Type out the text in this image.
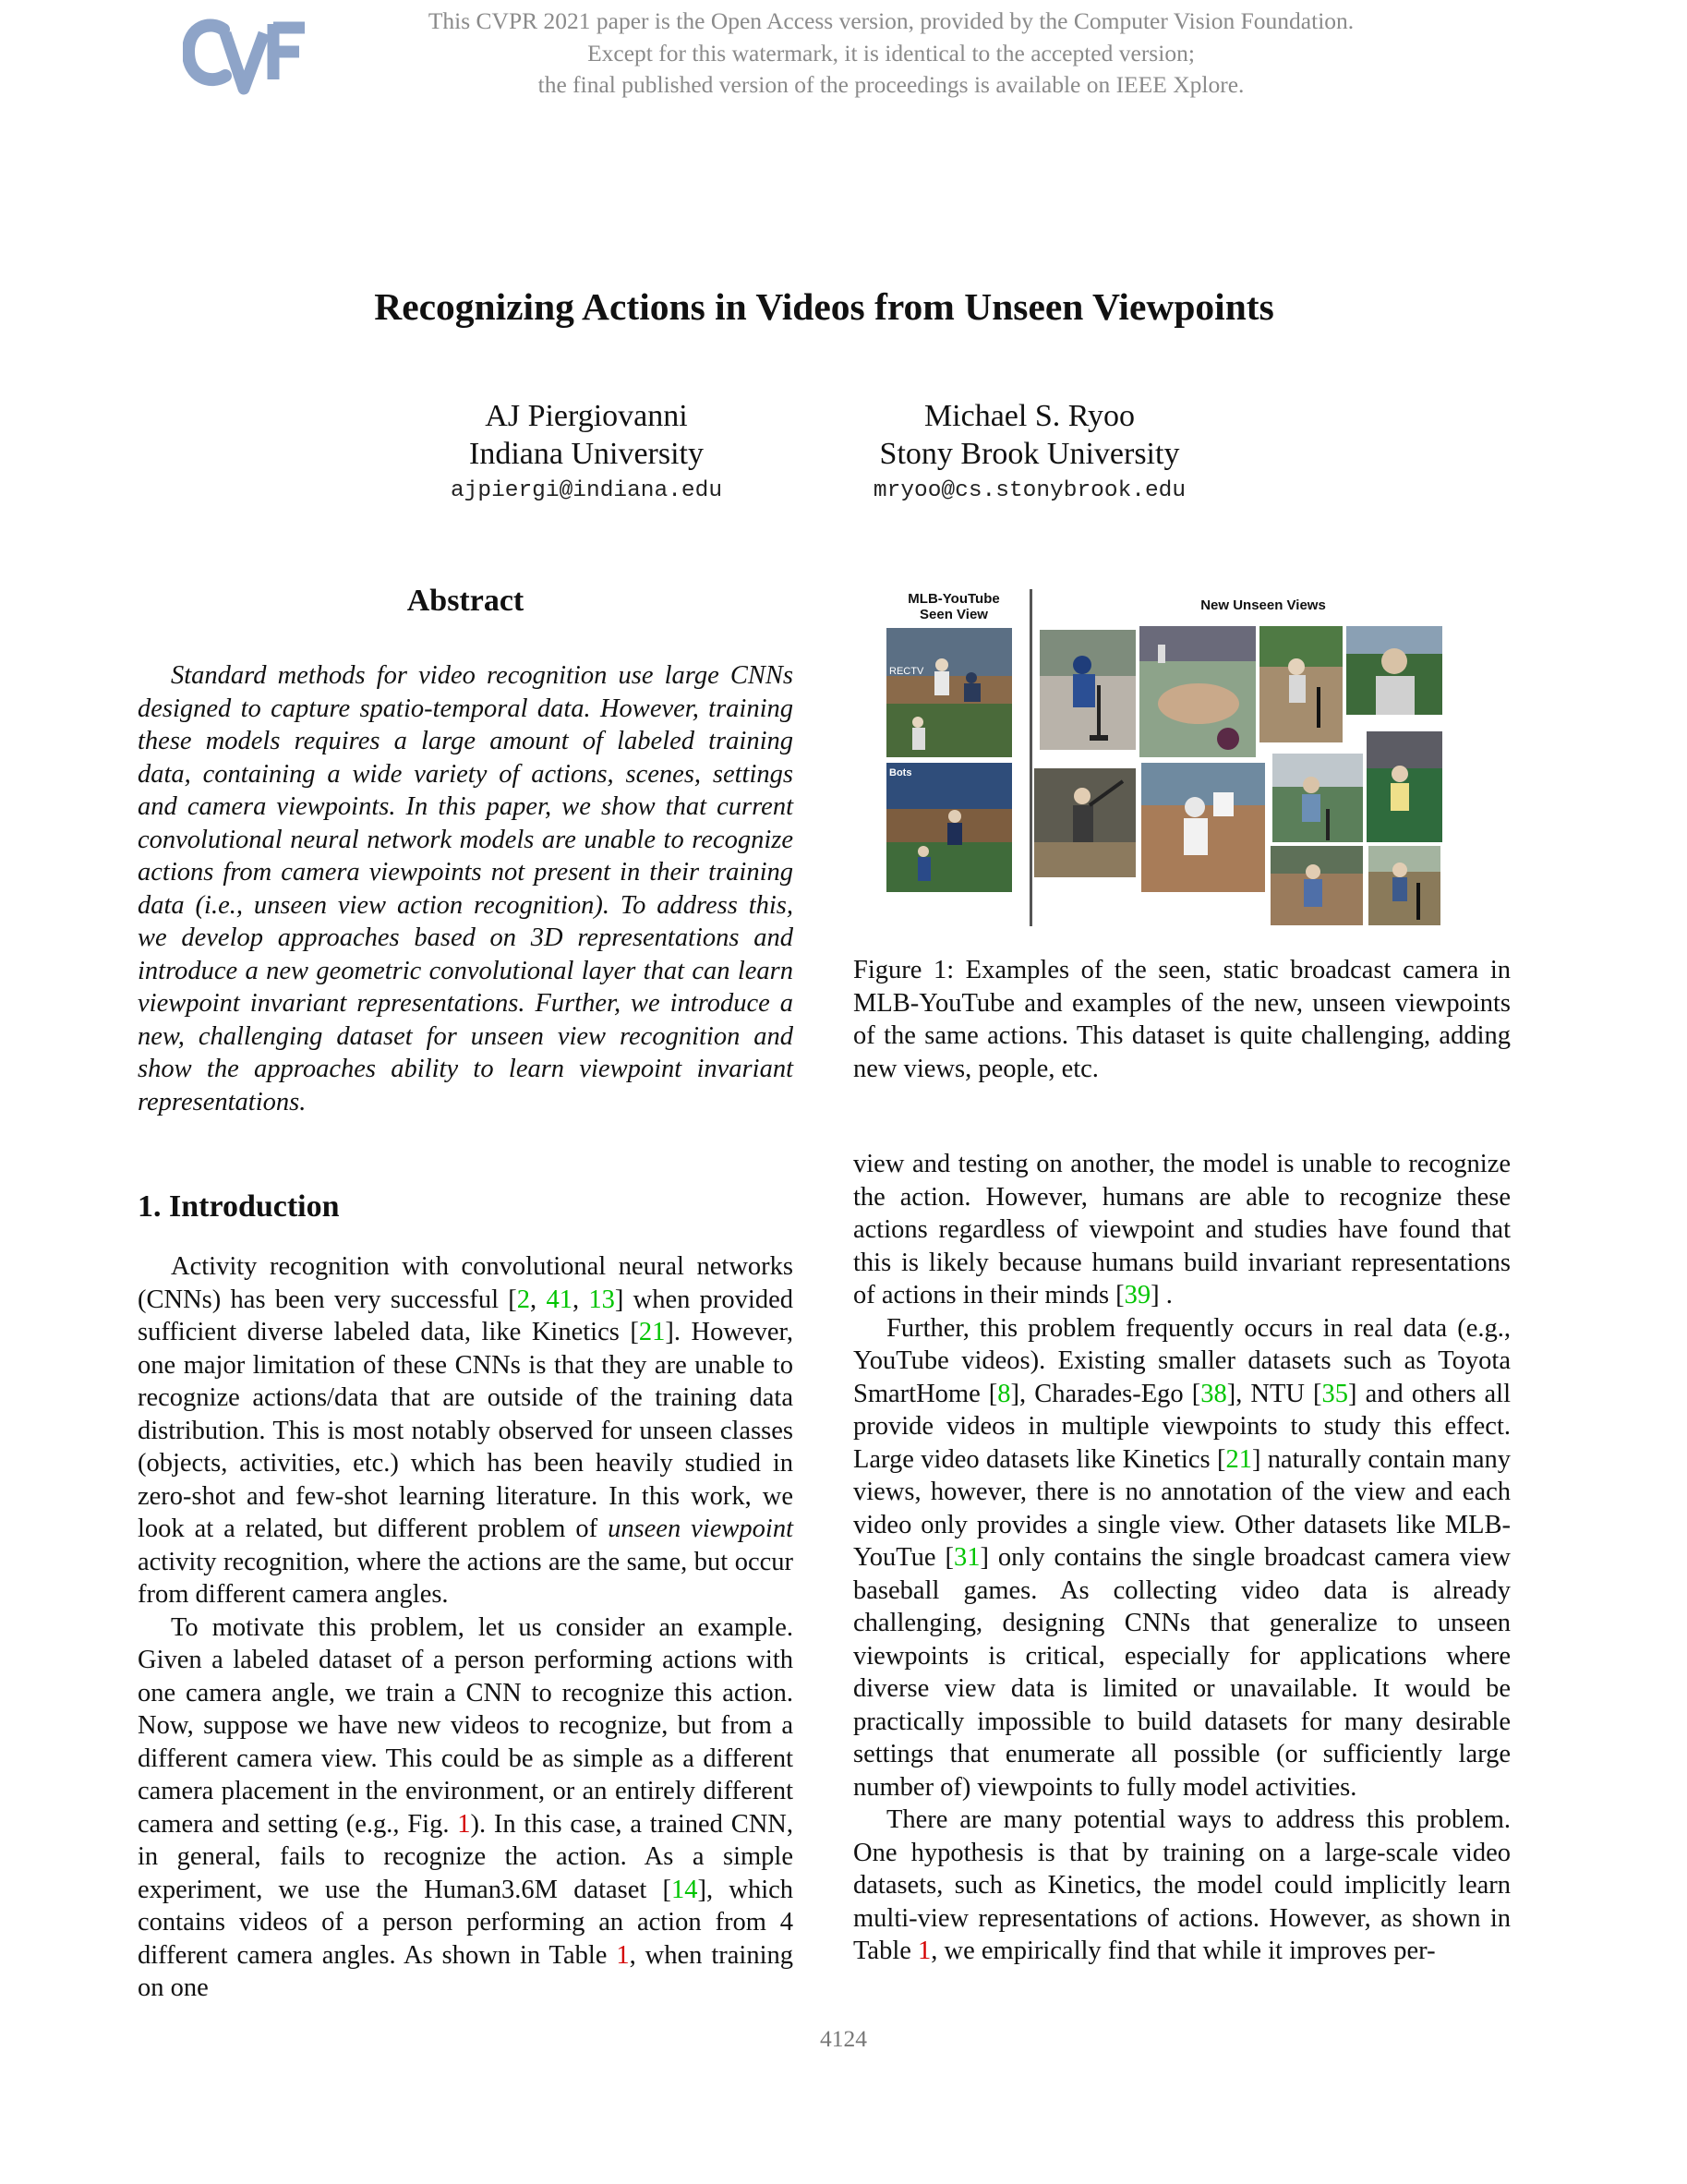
This CVPR 2021 paper is the Open Access version, provided by the Computer Vision Foundation.
Except for this watermark, it is identical to the accepted version;
the final published version of the proceedings is available on IEEE Xplore.
Recognizing Actions in Videos from Unseen Viewpoints
AJ Piergiovanni
Indiana University
ajpiergi@indiana.edu
Michael S. Ryoo
Stony Brook University
mryoo@cs.stonybrook.edu
Abstract

Standard methods for video recognition use large CNNs designed to capture spatio-temporal data. However, training these models requires a large amount of labeled training data, containing a wide variety of actions, scenes, settings and camera viewpoints. In this paper, we show that current convolutional neural network models are unable to recognize actions from camera viewpoints not present in their training data (i.e., unseen view action recognition). To address this, we develop approaches based on 3D representations and introduce a new geometric convolutional layer that can learn viewpoint invariant representations. Further, we introduce a new, challenging dataset for unseen view recognition and show the approaches ability to learn viewpoint invariant representations.

MLB-YouTube
Seen View
New Unseen Views
RECTV
Bots
Figure 1: Examples of the seen, static broadcast camera in MLB-YouTube and examples of the new, unseen viewpoints of the same actions. This dataset is quite challenging, adding new views, people, etc.
1. Introduction

Activity recognition with convolutional neural networks (CNNs) has been very successful [2, 41, 13] when provided sufficient diverse labeled data, like Kinetics [21]. However, one major limitation of these CNNs is that they are unable to recognize actions/data that are outside of the training data distribution. This is most notably observed for unseen classes (objects, activities, etc.) which has been heavily studied in zero-shot and few-shot learning literature. In this work, we look at a related, but different problem of unseen viewpoint activity recognition, where the actions are the same, but occur from different camera angles.

To motivate this problem, let us consider an example. Given a labeled dataset of a person performing actions with one camera angle, we train a CNN to recognize this action. Now, suppose we have new videos to recognize, but from a different camera view. This could be as simple as a different camera placement in the environment, or an entirely different camera and setting (e.g., Fig. 1). In this case, a trained CNN, in general, fails to recognize the action. As a simple experiment, we use the Human3.6M dataset [14], which contains videos of a person performing an action from 4 different camera angles. As shown in Table 1, when training on one

view and testing on another, the model is unable to recognize the action. However, humans are able to recognize these actions regardless of viewpoint and studies have found that this is likely because humans build invariant representations of actions in their minds [39] .

Further, this problem frequently occurs in real data (e.g., YouTube videos). Existing smaller datasets such as Toyota SmartHome [8], Charades-Ego [38], NTU [35] and others all provide videos in multiple viewpoints to study this effect. Large video datasets like Kinetics [21] naturally contain many views, however, there is no annotation of the view and each video only provides a single view. Other datasets like MLB-YouTue [31] only contains the single broadcast camera view baseball games. As collecting video data is already challenging, designing CNNs that generalize to unseen viewpoints is critical, especially for applications where diverse view data is limited or unavailable. It would be practically impossible to build datasets for many desirable settings that enumerate all possible (or sufficiently large number of) viewpoints to fully model activities.

There are many potential ways to address this problem. One hypothesis is that by training on a large-scale video datasets, such as Kinetics, the model could implicitly learn multi-view representations of actions. However, as shown in Table 1, we empirically find that while it improves per-

4124
